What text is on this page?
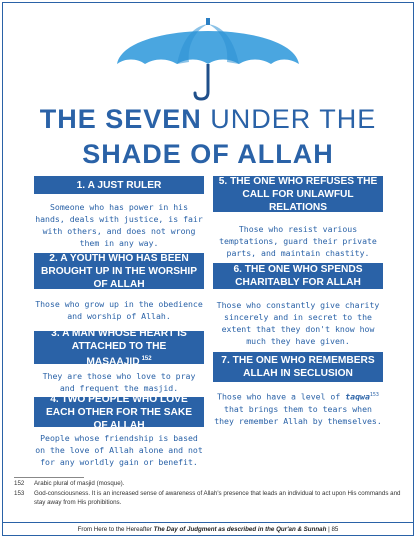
THE SEVEN UNDER THE
SHADE OF ALLAH
1. A JUST RULER
Someone who has power in his hands, deals with justice, is fair with others, and does not wrong them in any way.
2. A YOUTH WHO HAS BEEN BROUGHT UP IN THE WORSHIP OF ALLAH
Those who grow up in the obedience and worship of Allah.
3. A MAN WHOSE HEART IS ATTACHED TO THE MASAAJID $^{152}$
They are those who love to pray and frequent the masjid.
4. TWO PEOPLE WHO LOVE EACH OTHER FOR THE SAKE OF ALLAH
People whose friendship is based on the love of Allah alone and not for any worldly gain or benefit.
5. THE ONE WHO REFUSES THE CALL FOR UNLAWFUL RELATIONS
Those who resist various temptations, guard their private parts, and maintain chastity.
6. THE ONE WHO SPENDS CHARITABLY FOR ALLAH
Those who constantly give charity sincerely and in secret to the extent that they don't know how much they have given.
7. THE ONE WHO REMEMBERS ALLAH IN SECLUSION
Those who have a level of taqwa$^{153}$ that brings them to tears when they remember Allah by themselves.
152	Arabic plural of masjid (mosque).
153	God-consciousness. It is an increased sense of awareness of Allah's presence that leads an individual to act upon His commands and stay away from His prohibitions.
From Here to the Hereafter The Day of Judgment as described in the Qur'an & Sunnah | 85
